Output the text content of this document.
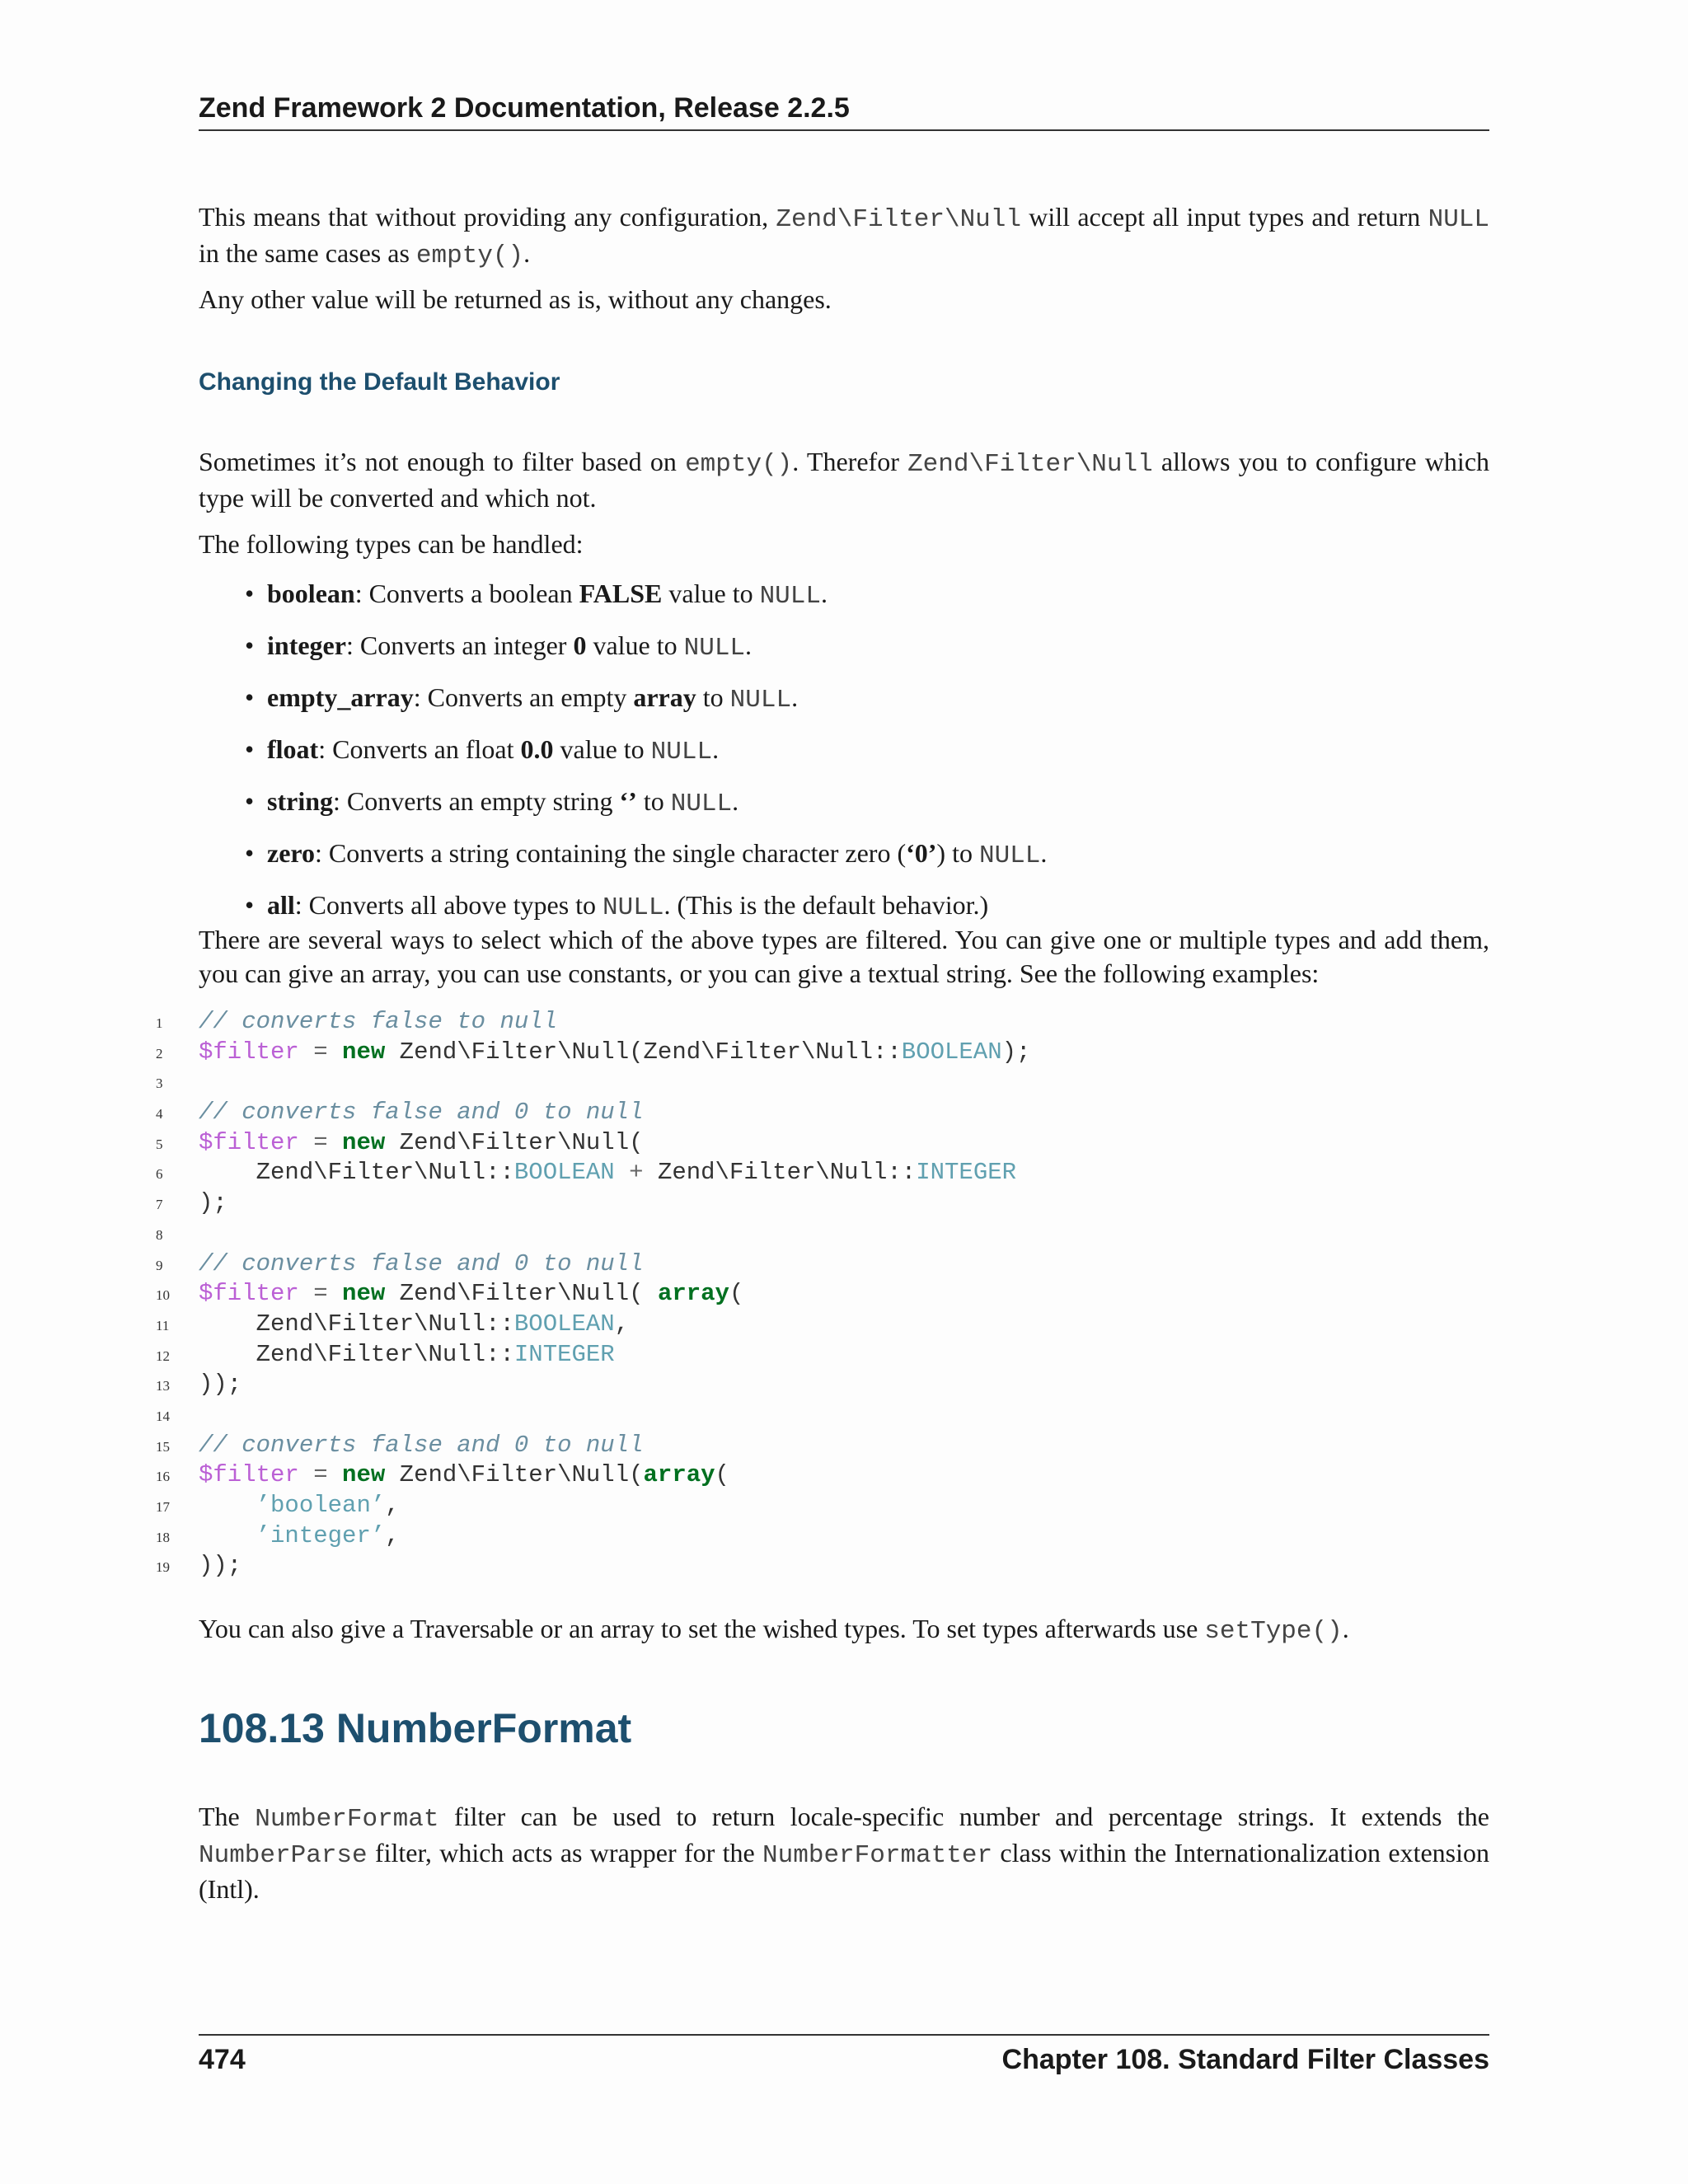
Zend Framework 2 Documentation, Release 2.2.5

This means that without providing any configuration, Zend\Filter\Null will accept all input types and return NULL in the same cases as empty().

Any other value will be returned as is, without any changes.

Changing the Default Behavior

Sometimes it’s not enough to filter based on empty(). Therefor Zend\Filter\Null allows you to configure which type will be converted and which not.

The following types can be handled:

• boolean: Converts a boolean FALSE value to NULL.
• integer: Converts an integer 0 value to NULL.
• empty_array: Converts an empty array to NULL.
• float: Converts an float 0.0 value to NULL.
• string: Converts an empty string ‘’ to NULL.
• zero: Converts a string containing the single character zero (‘0’) to NULL.
• all: Converts all above types to NULL. (This is the default behavior.)

There are several ways to select which of the above types are filtered. You can give one or multiple types and add them, you can give an array, you can use constants, or you can give a textual string. See the following examples:

1 // converts false to null
2 $filter = new Zend\Filter\Null(Zend\Filter\Null::BOOLEAN);
3
4 // converts false and 0 to null
5 $filter = new Zend\Filter\Null(
6	Zend\Filter\Null::BOOLEAN + Zend\Filter\Null::INTEGER
7 );
8
9 // converts false and 0 to null
10 $filter = new Zend\Filter\Null( array(
11	Zend\Filter\Null::BOOLEAN,
12	Zend\Filter\Null::INTEGER
13 ));
14
15 // converts false and 0 to null
16 $filter = new Zend\Filter\Null(array(
17	’boolean’,
18	’integer’,
19 ));

You can also give a Traversable or an array to set the wished types. To set types afterwards use setType().

108.13 NumberFormat

The NumberFormat filter can be used to return locale-specific number and percentage strings. It extends the NumberParse filter, which acts as wrapper for the NumberFormatter class within the Internationalization extension (Intl).

474	Chapter 108. Standard Filter Classes
